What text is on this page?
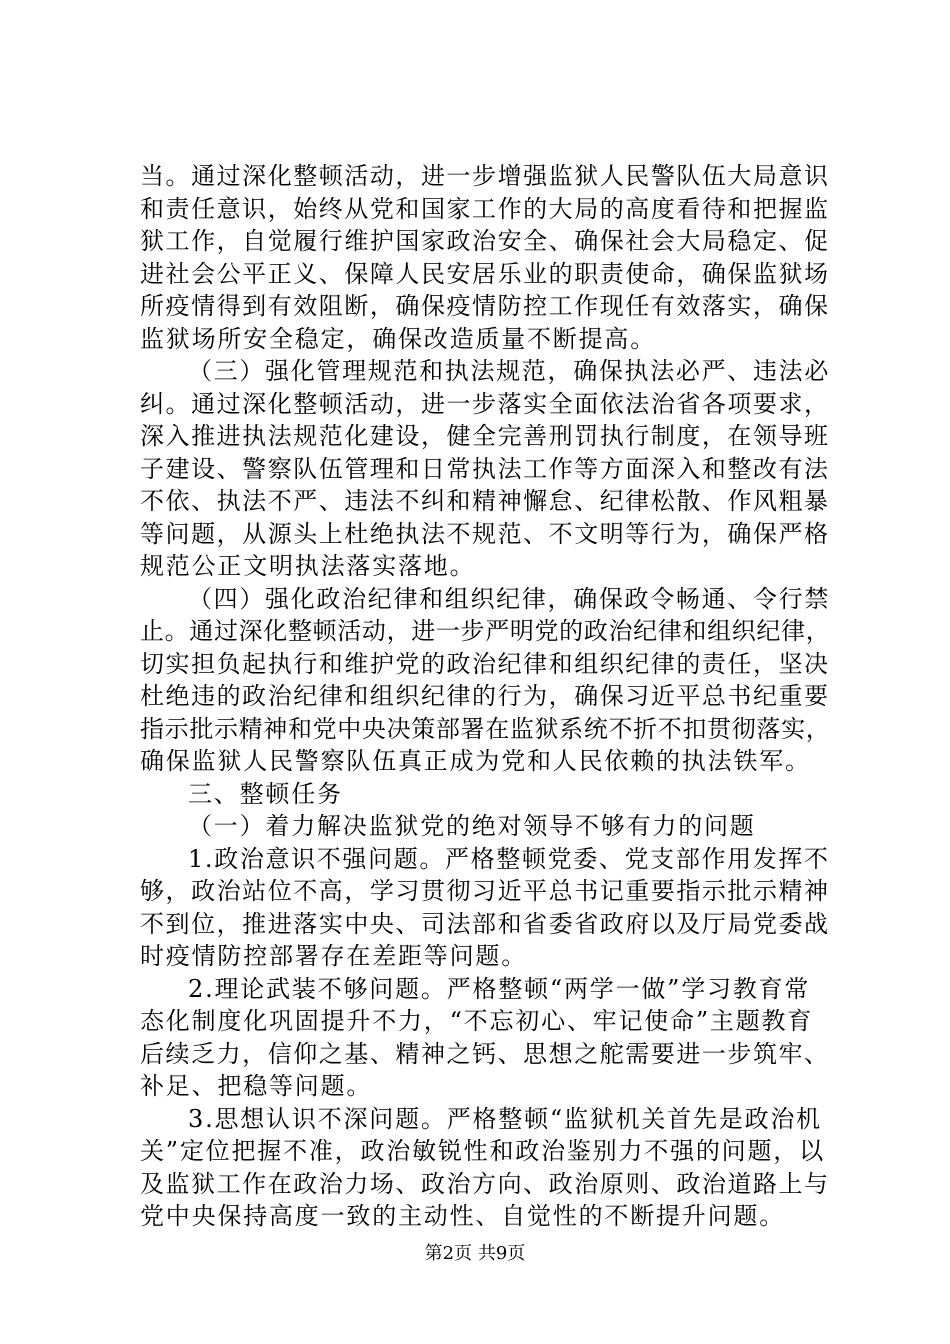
当。通过深化整顿活动，进一步增强监狱人民警队伍大局意识
和责任意识，始终从党和国家工作的大局的高度看待和把握监
狱工作，自觉履行维护国家政治安全、确保社会大局稳定、促
进社会公平正义、保障人民安居乐业的职责使命，确保监狱场
所疫情得到有效阻断，确保疫情防控工作现任有效落实，确保
监狱场所安全稳定，确保改造质量不断提高。
（三）强化管理规范和执法规范，确保执法必严、违法必
纠。通过深化整顿活动，进一步落实全面依法治省各项要求，
深入推进执法规范化建设，健全完善刑罚执行制度，在领导班
子建设、警察队伍管理和日常执法工作等方面深入和整改有法
不依、执法不严、违法不纠和精神懈怠、纪律松散、作风粗暴
等问题，从源头上杜绝执法不规范、不文明等行为，确保严格
规范公正文明执法落实落地。
（四）强化政治纪律和组织纪律，确保政令畅通、令行禁
止。通过深化整顿活动，进一步严明党的政治纪律和组织纪律，
切实担负起执行和维护党的政治纪律和组织纪律的责任，坚决
杜绝违的政治纪律和组织纪律的行为，确保习近平总书纪重要
指示批示精神和党中央决策部署在监狱系统不折不扣贯彻落实，
确保监狱人民警察队伍真正成为党和人民依赖的执法铁军。
三、整顿任务
（一）着力解决监狱党的绝对领导不够有力的问题
1.政治意识不强问题。严格整顿党委、党支部作用发挥不
够，政治站位不高，学习贯彻习近平总书记重要指示批示精神
不到位，推进落实中央、司法部和省委省政府以及厅局党委战
时疫情防控部署存在差距等问题。
2.理论武装不够问题。严格整顿“两学一做”学习教育常
态化制度化巩固提升不力，“不忘初心、牢记使命”主题教育
后续乏力，信仰之基、精神之钙、思想之舵需要进一步筑牢、
补足、把稳等问题。
3.思想认识不深问题。严格整顿“监狱机关首先是政治机
关”定位把握不准，政治敏锐性和政治鉴别力不强的问题，以
及监狱工作在政治力场、政治方向、政治原则、政治道路上与
党中央保持高度一致的主动性、自觉性的不断提升问题。
第2页 共9页
